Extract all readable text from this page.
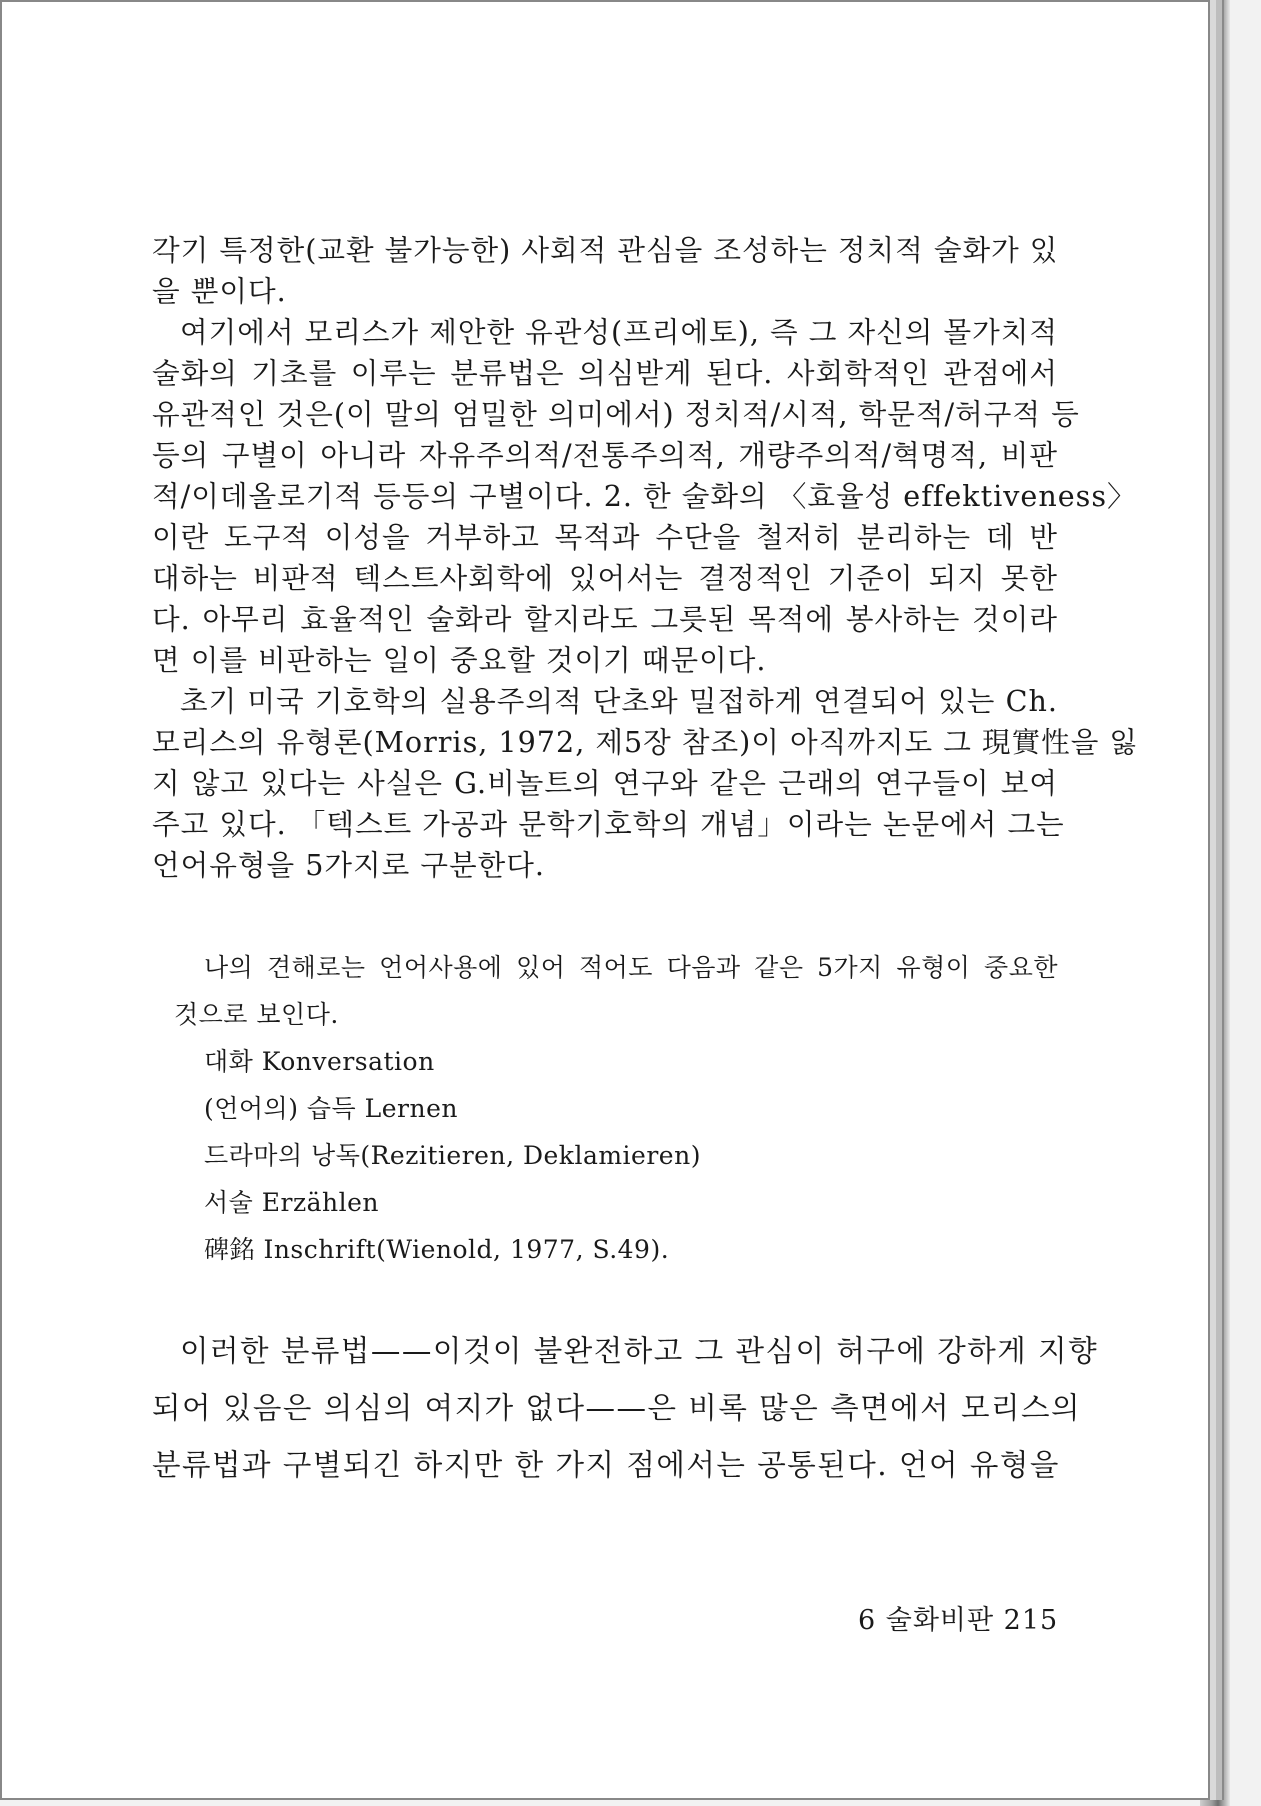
각기 특정한(교환 불가능한) 사회적 관심을 조성하는 정치적 술화가 있
을 뿐이다.
여기에서 모리스가 제안한 유관성(프리에토), 즉 그 자신의 몰가치적
술화의 기초를 이루는 분류법은 의심받게 된다. 사회학적인 관점에서
유관적인 것은(이 말의 엄밀한 의미에서) 정치적/시적, 학문적/허구적 등
등의 구별이 아니라 자유주의적/전통주의적, 개량주의적/혁명적, 비판
적/이데올로기적 등등의 구별이다. 2. 한 술화의 〈효율성 effektiveness〉
이란 도구적 이성을 거부하고 목적과 수단을 철저히 분리하는 데 반
대하는 비판적 텍스트사회학에 있어서는 결정적인 기준이 되지 못한
다. 아무리 효율적인 술화라 할지라도 그릇된 목적에 봉사하는 것이라
면 이를 비판하는 일이 중요할 것이기 때문이다.
초기 미국 기호학의 실용주의적 단초와 밀접하게 연결되어 있는 Ch.
모리스의 유형론(Morris, 1972, 제5장 참조)이 아직까지도 그 現實性을 잃
지 않고 있다는 사실은 G.비놀트의 연구와 같은 근래의 연구들이 보여
주고 있다. 「텍스트 가공과 문학기호학의 개념」이라는 논문에서 그는
언어유형을 5가지로 구분한다.
나의 견해로는 언어사용에 있어 적어도 다음과 같은 5가지 유형이 중요한
것으로 보인다.
대화 Konversation
(언어의) 습득 Lernen
드라마의 낭독(Rezitieren, Deklamieren)
서술 Erzählen
碑銘 Inschrift(Wienold, 1977, S.49).
이러한 분류법——이것이 불완전하고 그 관심이 허구에 강하게 지향
되어 있음은 의심의 여지가 없다——은 비록 많은 측면에서 모리스의
분류법과 구별되긴 하지만 한 가지 점에서는 공통된다. 언어 유형을
6 술화비판 215
